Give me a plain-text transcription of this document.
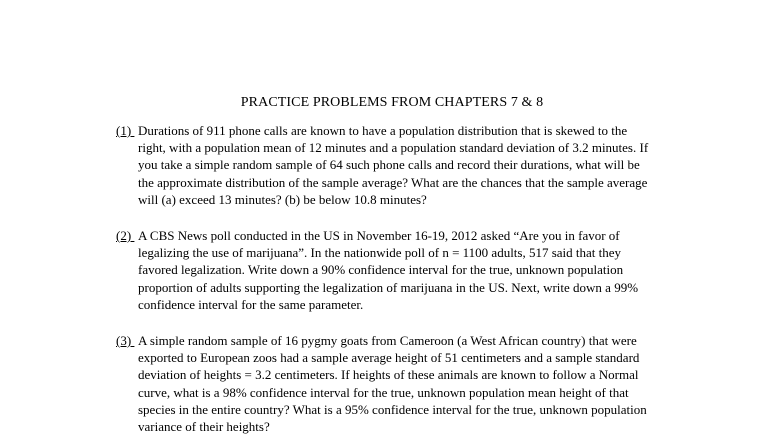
PRACTICE PROBLEMS FROM CHAPTERS 7 & 8
(1) Durations of 911 phone calls are known to have a population distribution that is skewed to the
right, with a population mean of 12 minutes and a population standard deviation of 3.2 minutes. If
you take a simple random sample of 64 such phone calls and record their durations, what will be
the approximate distribution of the sample average? What are the chances that the sample average
will (a) exceed 13 minutes? (b) be below 10.8 minutes?
(2) A CBS News poll conducted in the US in November 16-19, 2012 asked “Are you in favor of
legalizing the use of marijuana”. In the nationwide poll of n = 1100 adults, 517 said that they
favored legalization. Write down a 90% confidence interval for the true, unknown population
proportion of adults supporting the legalization of marijuana in the US. Next, write down a 99%
confidence interval for the same parameter.
(3) A simple random sample of 16 pygmy goats from Cameroon (a West African country) that were
exported to European zoos had a sample average height of 51 centimeters and a sample standard
deviation of heights = 3.2 centimeters. If heights of these animals are known to follow a Normal
curve, what is a 98% confidence interval for the true, unknown population mean height of that
species in the entire country? What is a 95% confidence interval for the true, unknown population
variance of their heights?
